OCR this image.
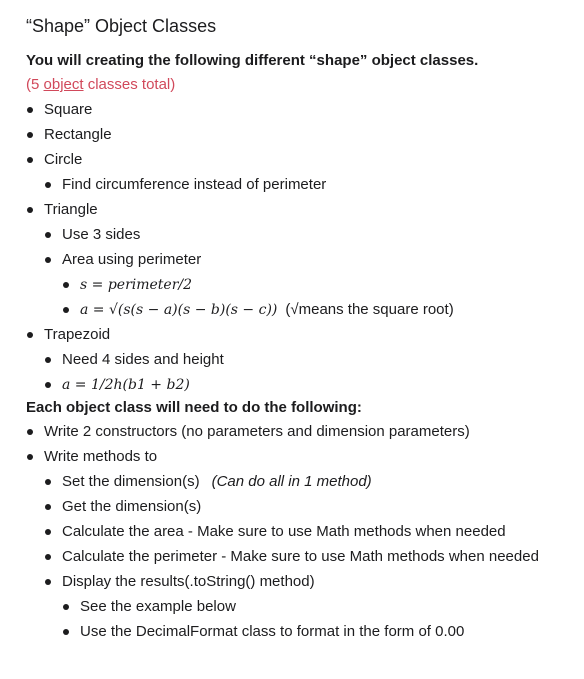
“Shape” Object Classes

You will creating the following different “shape” object classes.

(5 object classes total)

Square
Rectangle
Circle
Find circumference instead of perimeter
Triangle
Use 3 sides
Area using perimeter
s = perimeter/2
a = √(s(s − a)(s − b)(s − c)) (√means the square root)
Trapezoid
Need 4 sides and height
a = 1/2h(b1 + b2)

Each object class will need to do the following:

Write 2 constructors (no parameters and dimension parameters)
Write methods to
Set the dimension(s) (Can do all in 1 method)
Get the dimension(s)
Calculate the area - Make sure to use Math methods when needed
Calculate the perimeter - Make sure to use Math methods when needed
Display the results(.toString() method)
See the example below
Use the DecimalFormat class to format in the form of 0.00
